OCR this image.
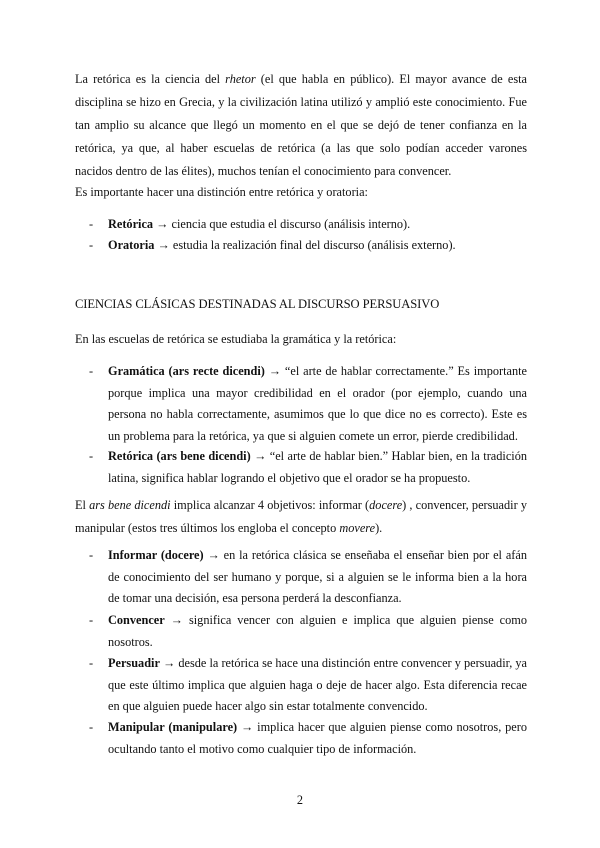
La retórica es la ciencia del rhetor (el que habla en público). El mayor avance de esta disciplina se hizo en Grecia, y la civilización latina utilizó y amplió este conocimiento. Fue tan amplio su alcance que llegó un momento en el que se dejó de tener confianza en la retórica, ya que, al haber escuelas de retórica (a las que solo podían acceder varones nacidos dentro de las élites), muchos tenían el conocimiento para convencer.

Es importante hacer una distinción entre retórica y oratoria:

- Retórica → ciencia que estudia el discurso (análisis interno).
- Oratoria → estudia la realización final del discurso (análisis externo).
CIENCIAS CLÁSICAS DESTINADAS AL DISCURSO PERSUASIVO

En las escuelas de retórica se estudiaba la gramática y la retórica:

- Gramática (ars recte dicendi) → “el arte de hablar correctamente.” Es importante porque implica una mayor credibilidad en el orador (por ejemplo, cuando una persona no habla correctamente, asumimos que lo que dice no es correcto). Este es un problema para la retórica, ya que si alguien comete un error, pierde credibilidad.
- Retórica (ars bene dicendi) → “el arte de hablar bien.” Hablar bien, en la tradición latina, significa hablar logrando el objetivo que el orador se ha propuesto.

El ars bene dicendi implica alcanzar 4 objetivos: informar (docere) , convencer, persuadir y manipular (estos tres últimos los engloba el concepto movere).

- Informar (docere) → en la retórica clásica se enseñaba el enseñar bien por el afán de conocimiento del ser humano y porque, si a alguien se le informa bien a la hora de tomar una decisión, esa persona perderá la desconfianza.
- Convencer → significa vencer con alguien e implica que alguien piense como nosotros.
- Persuadir → desde la retórica se hace una distinción entre convencer y persuadir, ya que este último implica que alguien haga o deje de hacer algo. Esta diferencia recae en que alguien puede hacer algo sin estar totalmente convencido.
- Manipular (manipulare) → implica hacer que alguien piense como nosotros, pero ocultando tanto el motivo como cualquier tipo de información.
2
